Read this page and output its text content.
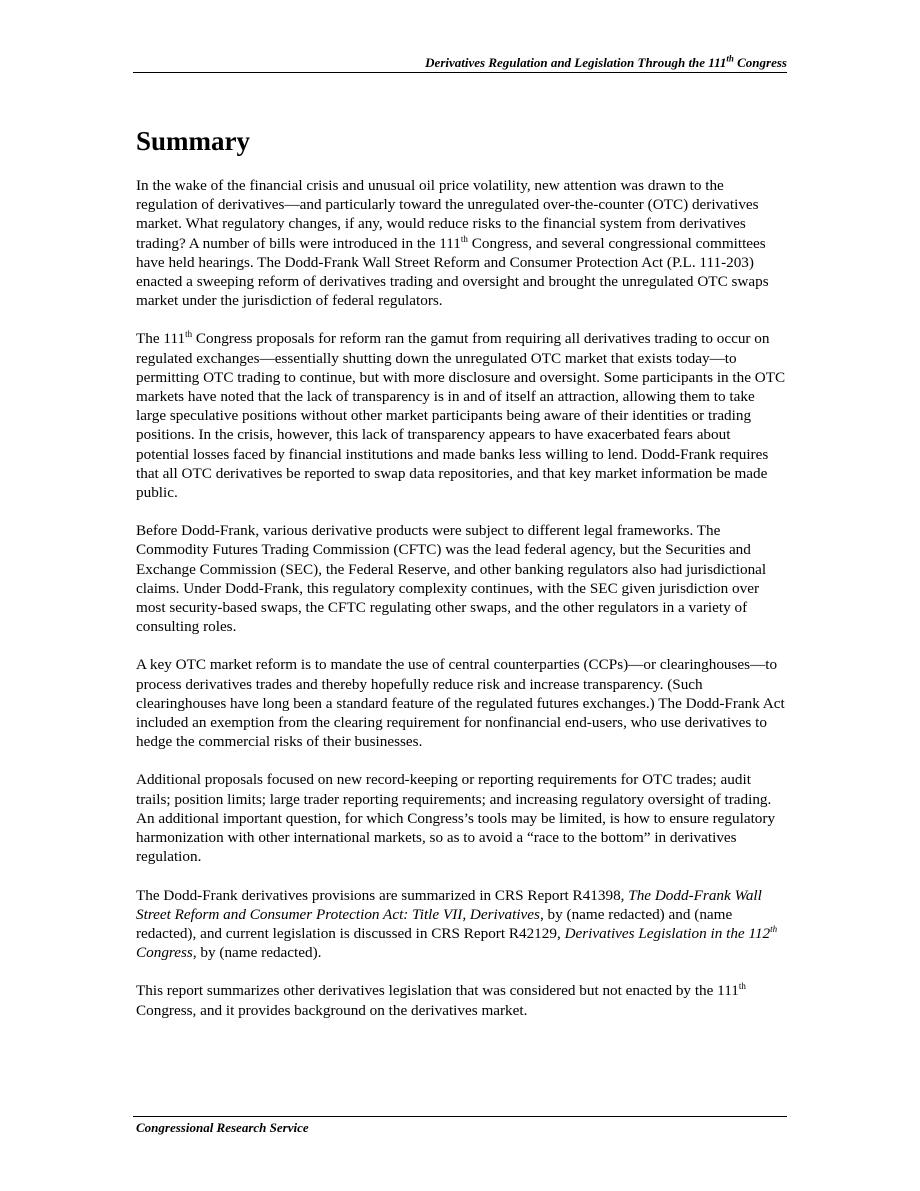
Derivatives Regulation and Legislation Through the 111th Congress
Summary

In the wake of the financial crisis and unusual oil price volatility, new attention was drawn to the regulation of derivatives—and particularly toward the unregulated over-the-counter (OTC) derivatives market. What regulatory changes, if any, would reduce risks to the financial system from derivatives trading? A number of bills were introduced in the 111th Congress, and several congressional committees have held hearings. The Dodd-Frank Wall Street Reform and Consumer Protection Act (P.L. 111-203) enacted a sweeping reform of derivatives trading and oversight and brought the unregulated OTC swaps market under the jurisdiction of federal regulators.

The 111th Congress proposals for reform ran the gamut from requiring all derivatives trading to occur on regulated exchanges—essentially shutting down the unregulated OTC market that exists today—to permitting OTC trading to continue, but with more disclosure and oversight. Some participants in the OTC markets have noted that the lack of transparency is in and of itself an attraction, allowing them to take large speculative positions without other market participants being aware of their identities or trading positions. In the crisis, however, this lack of transparency appears to have exacerbated fears about potential losses faced by financial institutions and made banks less willing to lend. Dodd-Frank requires that all OTC derivatives be reported to swap data repositories, and that key market information be made public.

Before Dodd-Frank, various derivative products were subject to different legal frameworks. The Commodity Futures Trading Commission (CFTC) was the lead federal agency, but the Securities and Exchange Commission (SEC), the Federal Reserve, and other banking regulators also had jurisdictional claims. Under Dodd-Frank, this regulatory complexity continues, with the SEC given jurisdiction over most security-based swaps, the CFTC regulating other swaps, and the other regulators in a variety of consulting roles.

A key OTC market reform is to mandate the use of central counterparties (CCPs)—or clearinghouses—to process derivatives trades and thereby hopefully reduce risk and increase transparency. (Such clearinghouses have long been a standard feature of the regulated futures exchanges.) The Dodd-Frank Act included an exemption from the clearing requirement for nonfinancial end-users, who use derivatives to hedge the commercial risks of their businesses.

Additional proposals focused on new record-keeping or reporting requirements for OTC trades; audit trails; position limits; large trader reporting requirements; and increasing regulatory oversight of trading. An additional important question, for which Congress’s tools may be limited, is how to ensure regulatory harmonization with other international markets, so as to avoid a “race to the bottom” in derivatives regulation.

The Dodd-Frank derivatives provisions are summarized in CRS Report R41398, The Dodd-Frank Wall Street Reform and Consumer Protection Act: Title VII, Derivatives, by (name redacted) and (name redacted), and current legislation is discussed in CRS Report R42129, Derivatives Legislation in the 112th Congress, by (name redacted).

This report summarizes other derivatives legislation that was considered but not enacted by the 111th Congress, and it provides background on the derivatives market.

Congressional Research Service
